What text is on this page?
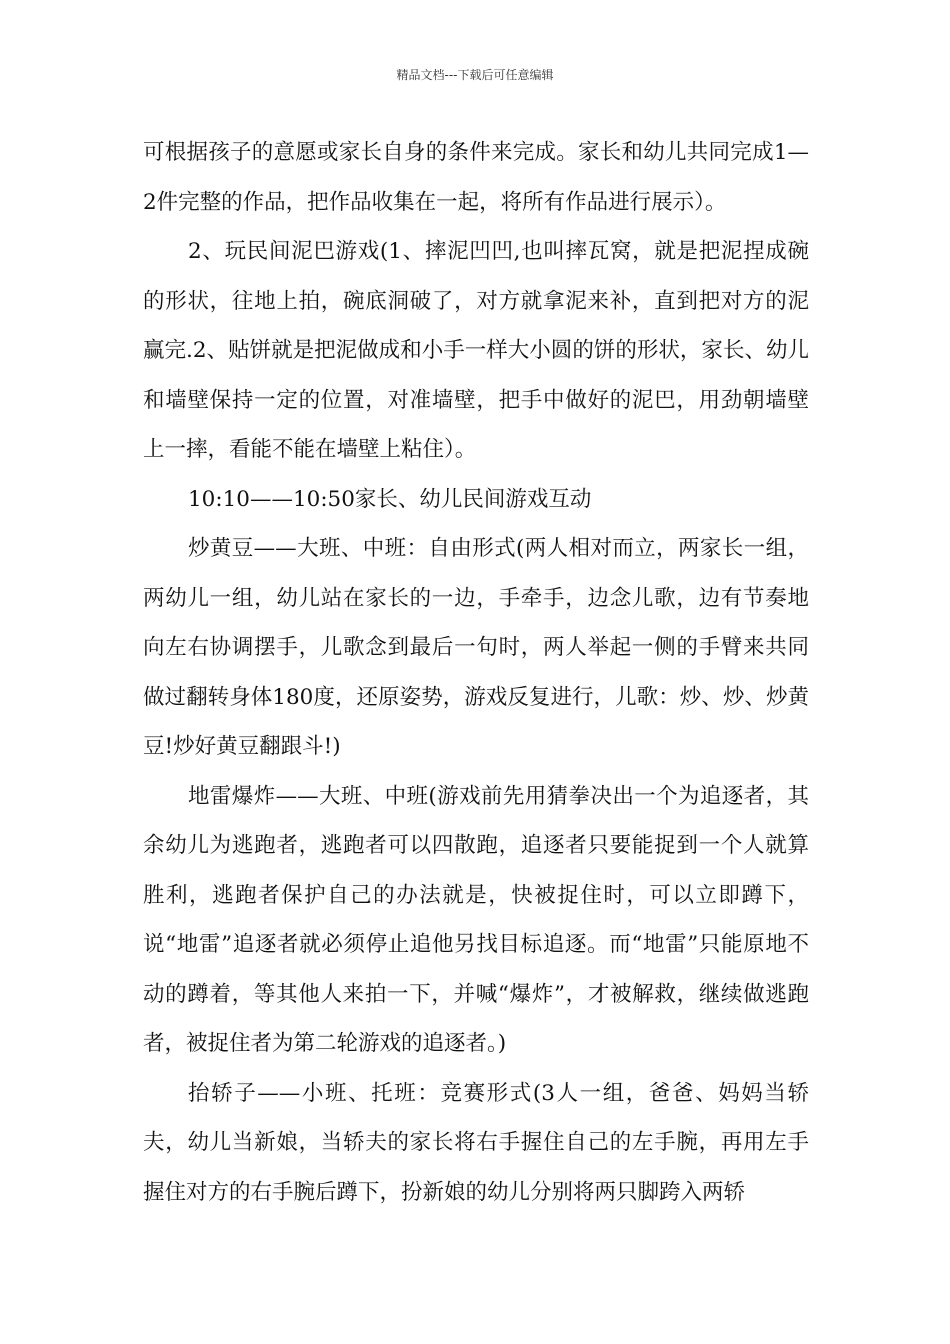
精品文档---下载后可任意编辑

可根据孩子的意愿或家长自身的条件来完成。家长和幼儿共同完成1—2件完整的作品，把作品收集在一起，将所有作品进行展示）。

2、玩民间泥巴游戏(1、摔泥凹凹,也叫摔瓦窝，就是把泥捏成碗的形状，往地上拍，碗底洞破了，对方就拿泥来补，直到把对方的泥赢完.2、贴饼就是把泥做成和小手一样大小圆的饼的形状，家长、幼儿和墙壁保持一定的位置，对准墙壁，把手中做好的泥巴，用劲朝墙壁上一摔，看能不能在墙壁上粘住）。

10:10——10:50家长、幼儿民间游戏互动

炒黄豆——大班、中班：自由形式(两人相对而立，两家长一组，两幼儿一组，幼儿站在家长的一边，手牵手，边念儿歌，边有节奏地向左右协调摆手，儿歌念到最后一句时，两人举起一侧的手臂来共同做过翻转身体180度，还原姿势，游戏反复进行，儿歌：炒、炒、炒黄豆!炒好黄豆翻跟斗!)

地雷爆炸——大班、中班(游戏前先用猜拳决出一个为追逐者，其余幼儿为逃跑者，逃跑者可以四散跑，追逐者只要能捉到一个人就算胜利，逃跑者保护自己的办法就是，快被捉住时，可以立即蹲下，说“地雷”追逐者就必须停止追他另找目标追逐。而“地雷”只能原地不动的蹲着，等其他人来拍一下，并喊“爆炸”，才被解救，继续做逃跑者，被捉住者为第二轮游戏的追逐者。)

抬轿子——小班、托班：竞赛形式(3人一组，爸爸、妈妈当轿夫，幼儿当新娘，当轿夫的家长将右手握住自己的左手腕，再用左手握住对方的右手腕后蹲下，扮新娘的幼儿分别将两只脚跨入两轿
